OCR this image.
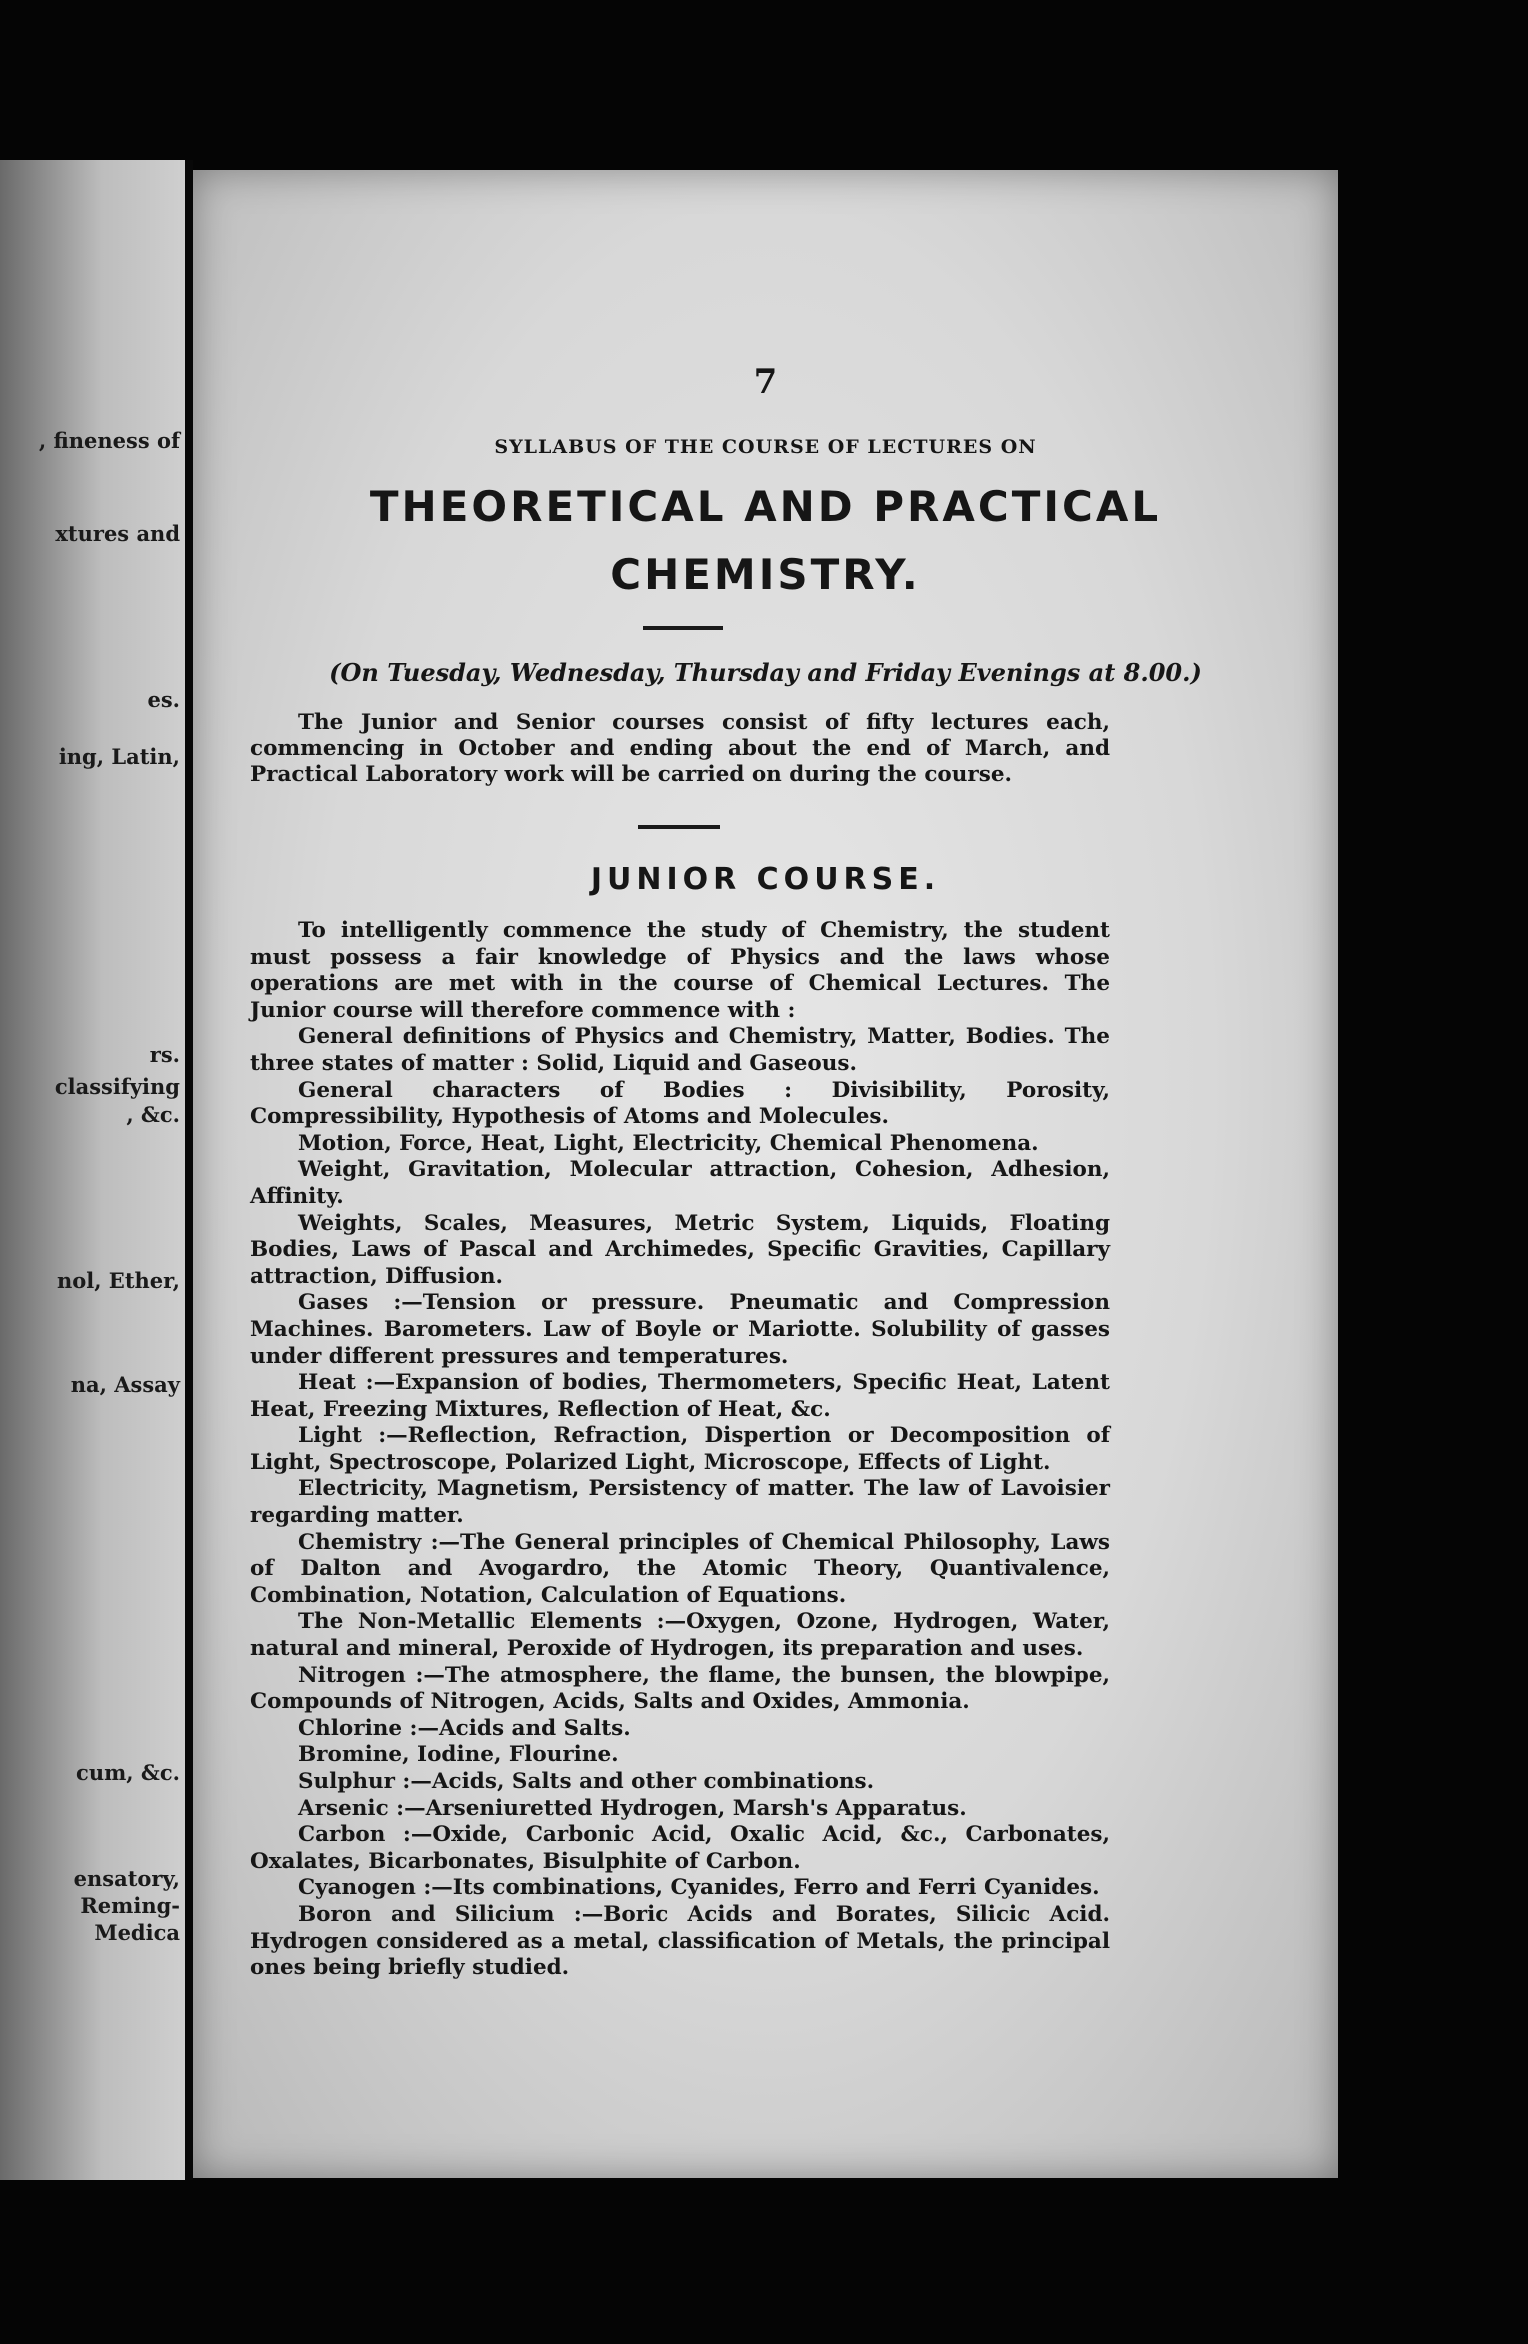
, fineness of
xtures and
es.
ing, Latin,
rs.
classifying
, &c.
nol, Ether,
na, Assay
cum, &c.
ensatory,
Reming-
Medica
7
SYLLABUS OF THE COURSE OF LECTURES ON
THEORETICAL AND PRACTICAL
CHEMISTRY.
(On Tuesday, Wednesday, Thursday and Friday Evenings at 8.00.)
The Junior and Senior courses consist of fifty lectures each, commencing in October and ending about the end of March, and Practical Laboratory work will be carried on during the course.
JUNIOR COURSE.

To intelligently commence the study of Chemistry, the student must possess a fair knowledge of Physics and the laws whose operations are met with in the course of Chemical Lectures. The Junior course will therefore commence with :

General definitions of Physics and Chemistry, Matter, Bodies. The three states of matter : Solid, Liquid and Gaseous.

General characters of Bodies : Divisibility, Porosity, Compressibility, Hypothesis of Atoms and Molecules.

Motion, Force, Heat, Light, Electricity, Chemical Phenomena.

Weight, Gravitation, Molecular attraction, Cohesion, Adhesion, Affinity.

Weights, Scales, Measures, Metric System, Liquids, Floating Bodies, Laws of Pascal and Archimedes, Specific Gravities, Capillary attraction, Diffusion.

Gases :—Tension or pressure. Pneumatic and Compression Machines. Barometers. Law of Boyle or Mariotte. Solubility of gasses under different pressures and temperatures.

Heat :—Expansion of bodies, Thermometers, Specific Heat, Latent Heat, Freezing Mixtures, Reflection of Heat, &c.

Light :—Reflection, Refraction, Dispertion or Decomposition of Light, Spectroscope, Polarized Light, Microscope, Effects of Light.

Electricity, Magnetism, Persistency of matter. The law of Lavoisier regarding matter.

Chemistry :—The General principles of Chemical Philosophy, Laws of Dalton and Avogardro, the Atomic Theory, Quantivalence, Combination, Notation, Calculation of Equations.

The Non-Metallic Elements :—Oxygen, Ozone, Hydrogen, Water, natural and mineral, Peroxide of Hydrogen, its preparation and uses.

Nitrogen :—The atmosphere, the flame, the bunsen, the blowpipe, Compounds of Nitrogen, Acids, Salts and Oxides, Ammonia.

Chlorine :—Acids and Salts.

Bromine, Iodine, Flourine.

Sulphur :—Acids, Salts and other combinations.

Arsenic :—Arseniuretted Hydrogen, Marsh's Apparatus.

Carbon :—Oxide, Carbonic Acid, Oxalic Acid, &c., Carbonates, Oxalates, Bicarbonates, Bisulphite of Carbon.

Cyanogen :—Its combinations, Cyanides, Ferro and Ferri Cyanides.

Boron and Silicium :—Boric Acids and Borates, Silicic Acid. Hydrogen considered as a metal, classification of Metals, the principal ones being briefly studied.
